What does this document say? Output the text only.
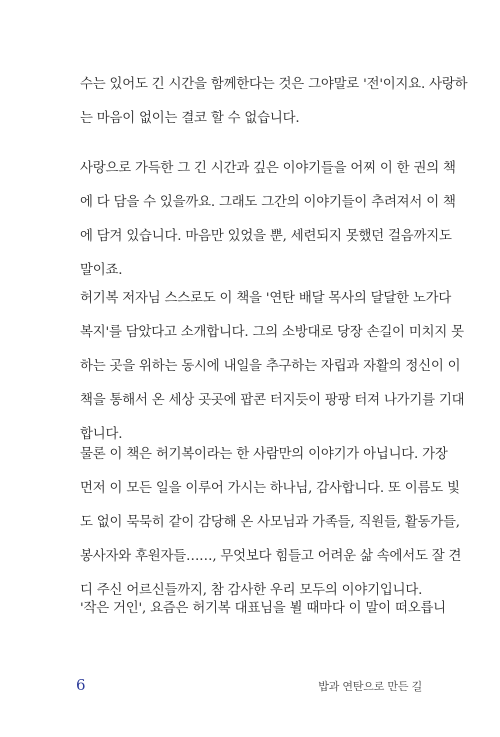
수는 있어도 긴 시간을 함께한다는 것은 그야말로 '전'이지요. 사랑하
는 마음이 없이는 결코 할 수 없습니다.
사랑으로 가득한 그 긴 시간과 깊은 이야기들을 어찌 이 한 권의 책
에 다 담을 수 있을까요. 그래도 그간의 이야기들이 추려져서 이 책
에 담겨 있습니다. 마음만 있었을 뿐, 세련되지 못했던 걸음까지도
말이죠.
허기복 저자님 스스로도 이 책을 '연탄 배달 목사의 달달한 노가다
복지'를 담았다고 소개합니다. 그의 소방대로 당장 손길이 미치지 못
하는 곳을 위하는 동시에 내일을 추구하는 자립과 자활의 정신이 이
책을 통해서 온 세상 곳곳에 팝콘 터지듯이 팡팡 터져 나가기를 기대
합니다.
물론 이 책은 허기복이라는 한 사람만의 이야기가 아닙니다. 가장
먼저 이 모든 일을 이루어 가시는 하나님, 감사합니다. 또 이름도 빛
도 없이 묵묵히 같이 감당해 온 사모님과 가족들, 직원들, 활동가들,
봉사자와 후원자들……, 무엇보다 힘들고 어려운 삶 속에서도 잘 견
디 주신 어르신들까지, 참 감사한 우리 모두의 이야기입니다.
'작은 거인', 요즘은 허기복 대표님을 뵐 때마다 이 말이 떠오릅니
6	밥과 연탄으로 만든 길
